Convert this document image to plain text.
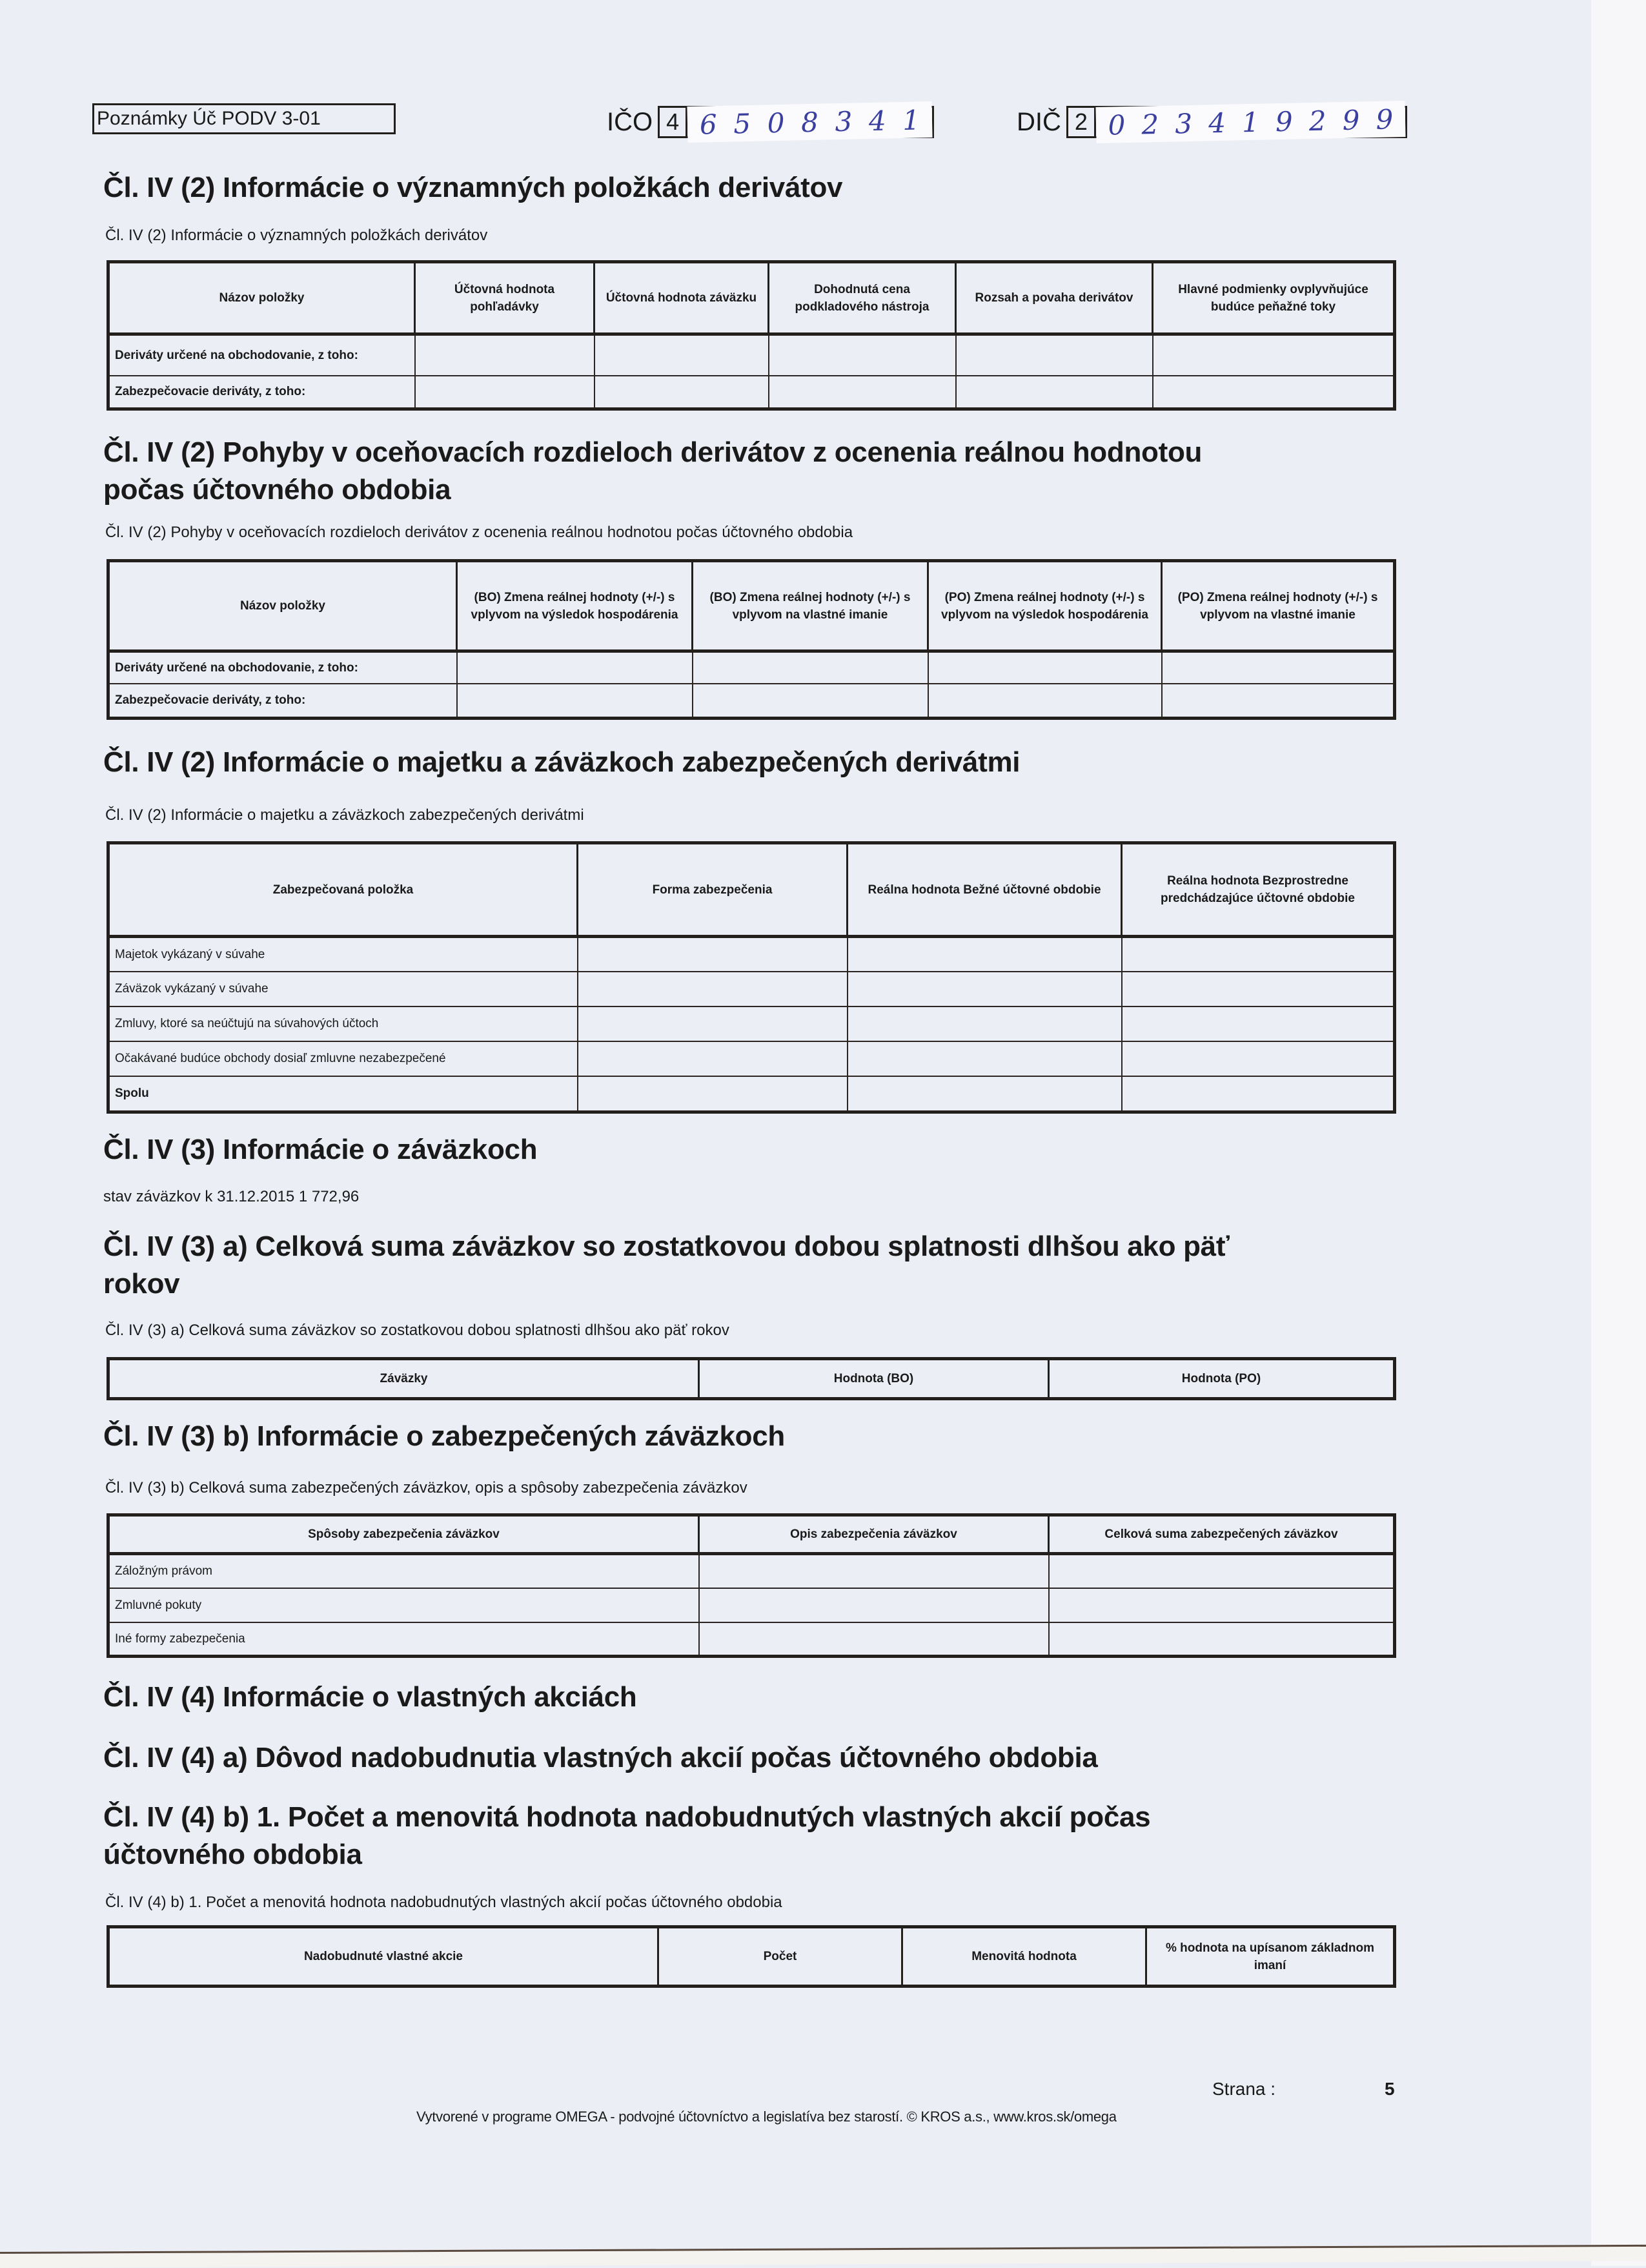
Poznámky Úč PODV 3-01	IČO 4 6 5 0 8 3 4 1	DIČ 2 0 2 3 4 1 9 2 9 9
Čl. IV (2) Informácie o významných položkách derivátov
Čl. IV (2) Informácie o významných položkách derivátov
Názov položky	Účtovná hodnota pohľadávky	Účtovná hodnota záväzku	Dohodnutá cena podkladového nástroja	Rozsah a povaha derivátov	Hlavné podmienky ovplyvňujúce budúce peňažné toky
Deriváty určené na obchodovanie, z toho:					
Zabezpečovacie deriváty, z toho:					
Čl. IV (2) Pohyby v oceňovacích rozdieloch derivátov z ocenenia reálnou hodnotou počas účtovného obdobia
Čl. IV (2) Pohyby v oceňovacích rozdieloch derivátov z ocenenia reálnou hodnotou počas účtovného obdobia
Názov položky	(BO) Zmena reálnej hodnoty (+/-) s vplyvom na výsledok hospodárenia	(BO) Zmena reálnej hodnoty (+/-) s vplyvom na vlastné imanie	(PO) Zmena reálnej hodnoty (+/-) s vplyvom na výsledok hospodárenia	(PO) Zmena reálnej hodnoty (+/-) s vplyvom na vlastné imanie
Deriváty určené na obchodovanie, z toho:				
Zabezpečovacie deriváty, z toho:				
Čl. IV (2) Informácie o majetku a záväzkoch zabezpečených derivátmi
Čl. IV (2) Informácie o majetku a záväzkoch zabezpečených derivátmi
Zabezpečovaná položka	Forma zabezpečenia	Reálna hodnota Bežné účtovné obdobie	Reálna hodnota Bezprostredne predchádzajúce účtovné obdobie
Majetok vykázaný v súvahe			
Záväzok vykázaný v súvahe			
Zmluvy, ktoré sa neúčtujú na súvahových účtoch			
Očakávané budúce obchody dosiaľ zmluvne nezabezpečené			
Spolu			
Čl. IV (3) Informácie o záväzkoch
stav záväzkov k 31.12.2015 1 772,96
Čl. IV (3) a) Celková suma záväzkov so zostatkovou dobou splatnosti dlhšou ako päť rokov
Čl. IV (3) a) Celková suma záväzkov so zostatkovou dobou splatnosti dlhšou ako päť rokov
Záväzky	Hodnota (BO)	Hodnota (PO)
Čl. IV (3) b) Informácie o zabezpečených záväzkoch
Čl. IV (3) b) Celková suma zabezpečených záväzkov, opis a spôsoby zabezpečenia záväzkov
Spôsoby zabezpečenia záväzkov	Opis zabezpečenia záväzkov	Celková suma zabezpečených záväzkov
Záložným právom		
Zmluvné pokuty		
Iné formy zabezpečenia		
Čl. IV (4) Informácie o vlastných akciách
Čl. IV (4) a) Dôvod nadobudnutia vlastných akcií počas účtovného obdobia
Čl. IV (4) b) 1. Počet a menovitá hodnota nadobudnutých vlastných akcií počas účtovného obdobia
Čl. IV (4) b) 1. Počet a menovitá hodnota nadobudnutých vlastných akcií počas účtovného obdobia
Nadobudnuté vlastné akcie	Počet	Menovitá hodnota	% hodnota na upísanom základnom imaní
Strana :	5
Vytvorené v programe OMEGA - podvojné účtovníctvo a legislatíva bez starostí. © KROS a.s., www.kros.sk/omega
